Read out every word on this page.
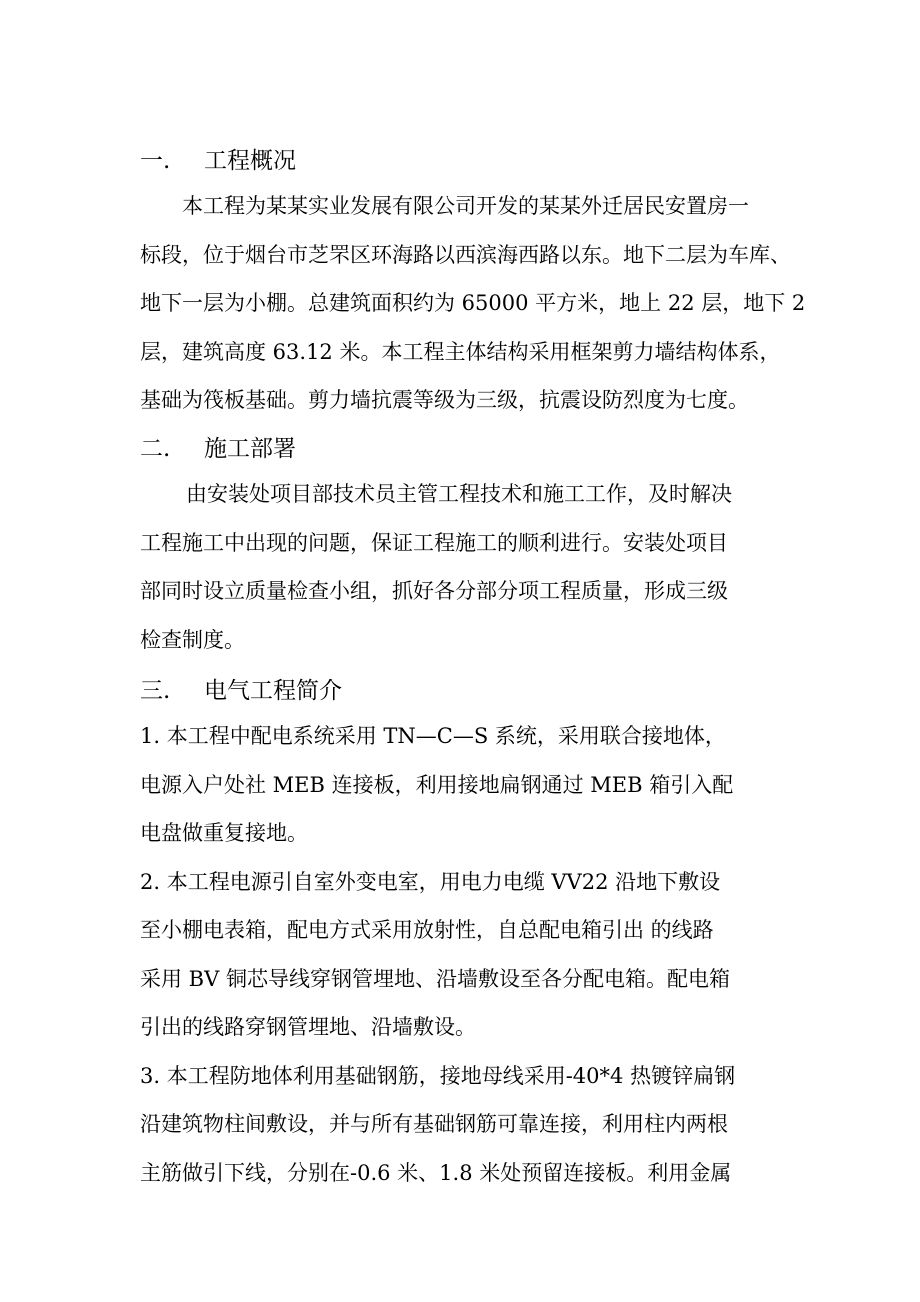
一. 工程概况
本工程为某某实业发展有限公司开发的某某外迁居民安置房一
标段，位于烟台市芝罘区环海路以西滨海西路以东。地下二层为车库、
地下一层为小棚。总建筑面积约为 65000 平方米，地上 22 层，地下 2
层，建筑高度 63.12 米。本工程主体结构采用框架剪力墙结构体系，
基础为筏板基础。剪力墙抗震等级为三级，抗震设防烈度为七度。
二. 施工部署
由安装处项目部技术员主管工程技术和施工工作，及时解决
工程施工中出现的问题，保证工程施工的顺利进行。安装处项目
部同时设立质量检查小组，抓好各分部分项工程质量，形成三级
检查制度。
三. 电气工程简介
1. 本工程中配电系统采用 TN—C—S 系统，采用联合接地体，
电源入户处社 MEB 连接板，利用接地扁钢通过 MEB 箱引入配
电盘做重复接地。
2. 本工程电源引自室外变电室，用电力电缆 VV22 沿地下敷设
至小棚电表箱，配电方式采用放射性，自总配电箱引出 的线路
采用 BV 铜芯导线穿钢管埋地、沿墙敷设至各分配电箱。配电箱
引出的线路穿钢管埋地、沿墙敷设。
3. 本工程防地体利用基础钢筋，接地母线采用-40*4 热镀锌扁钢
沿建筑物柱间敷设，并与所有基础钢筋可靠连接，利用柱内两根
主筋做引下线，分别在-0.6 米、1.8 米处预留连接板。利用金属
